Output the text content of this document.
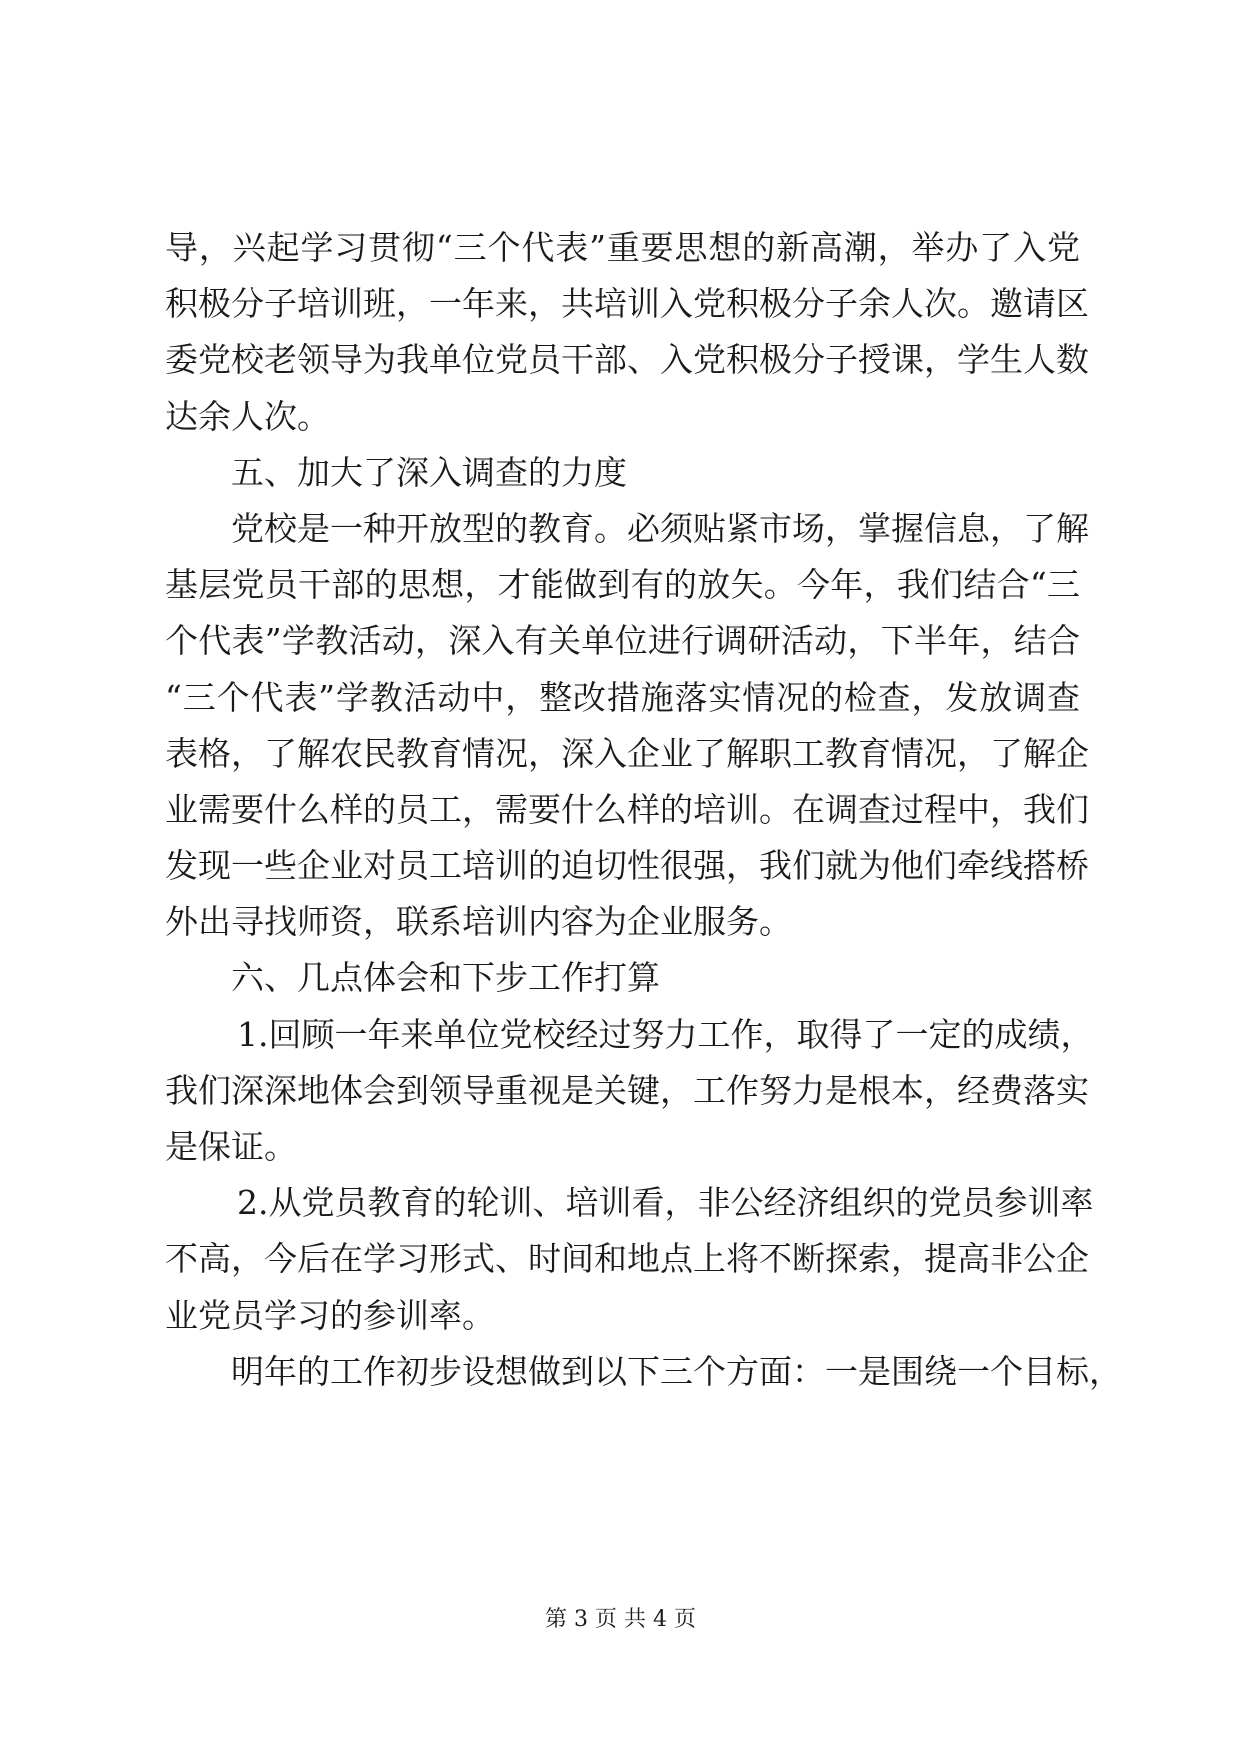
导，兴起学习贯彻“三个代表”重要思想的新高潮，举办了入党
积极分子培训班，一年来，共培训入党积极分子余人次。邀请区
委党校老领导为我单位党员干部、入党积极分子授课，学生人数
达余人次。
五、加大了深入调查的力度
党校是一种开放型的教育。必须贴紧市场，掌握信息，了解
基层党员干部的思想，才能做到有的放矢。今年，我们结合“三
个代表”学教活动，深入有关单位进行调研活动，下半年，结合
“三个代表”学教活动中，整改措施落实情况的检查，发放调查
表格，了解农民教育情况，深入企业了解职工教育情况，了解企
业需要什么样的员工，需要什么样的培训。在调查过程中，我们
发现一些企业对员工培训的迫切性很强，我们就为他们牵线搭桥
外出寻找师资，联系培训内容为企业服务。
六、几点体会和下步工作打算
1.回顾一年来单位党校经过努力工作，取得了一定的成绩，
我们深深地体会到领导重视是关键，工作努力是根本，经费落实
是保证。
2.从党员教育的轮训、培训看，非公经济组织的党员参训率
不高，今后在学习形式、时间和地点上将不断探索，提高非公企
业党员学习的参训率。
明年的工作初步设想做到以下三个方面：一是围绕一个目标，
第 3 页 共 4 页
